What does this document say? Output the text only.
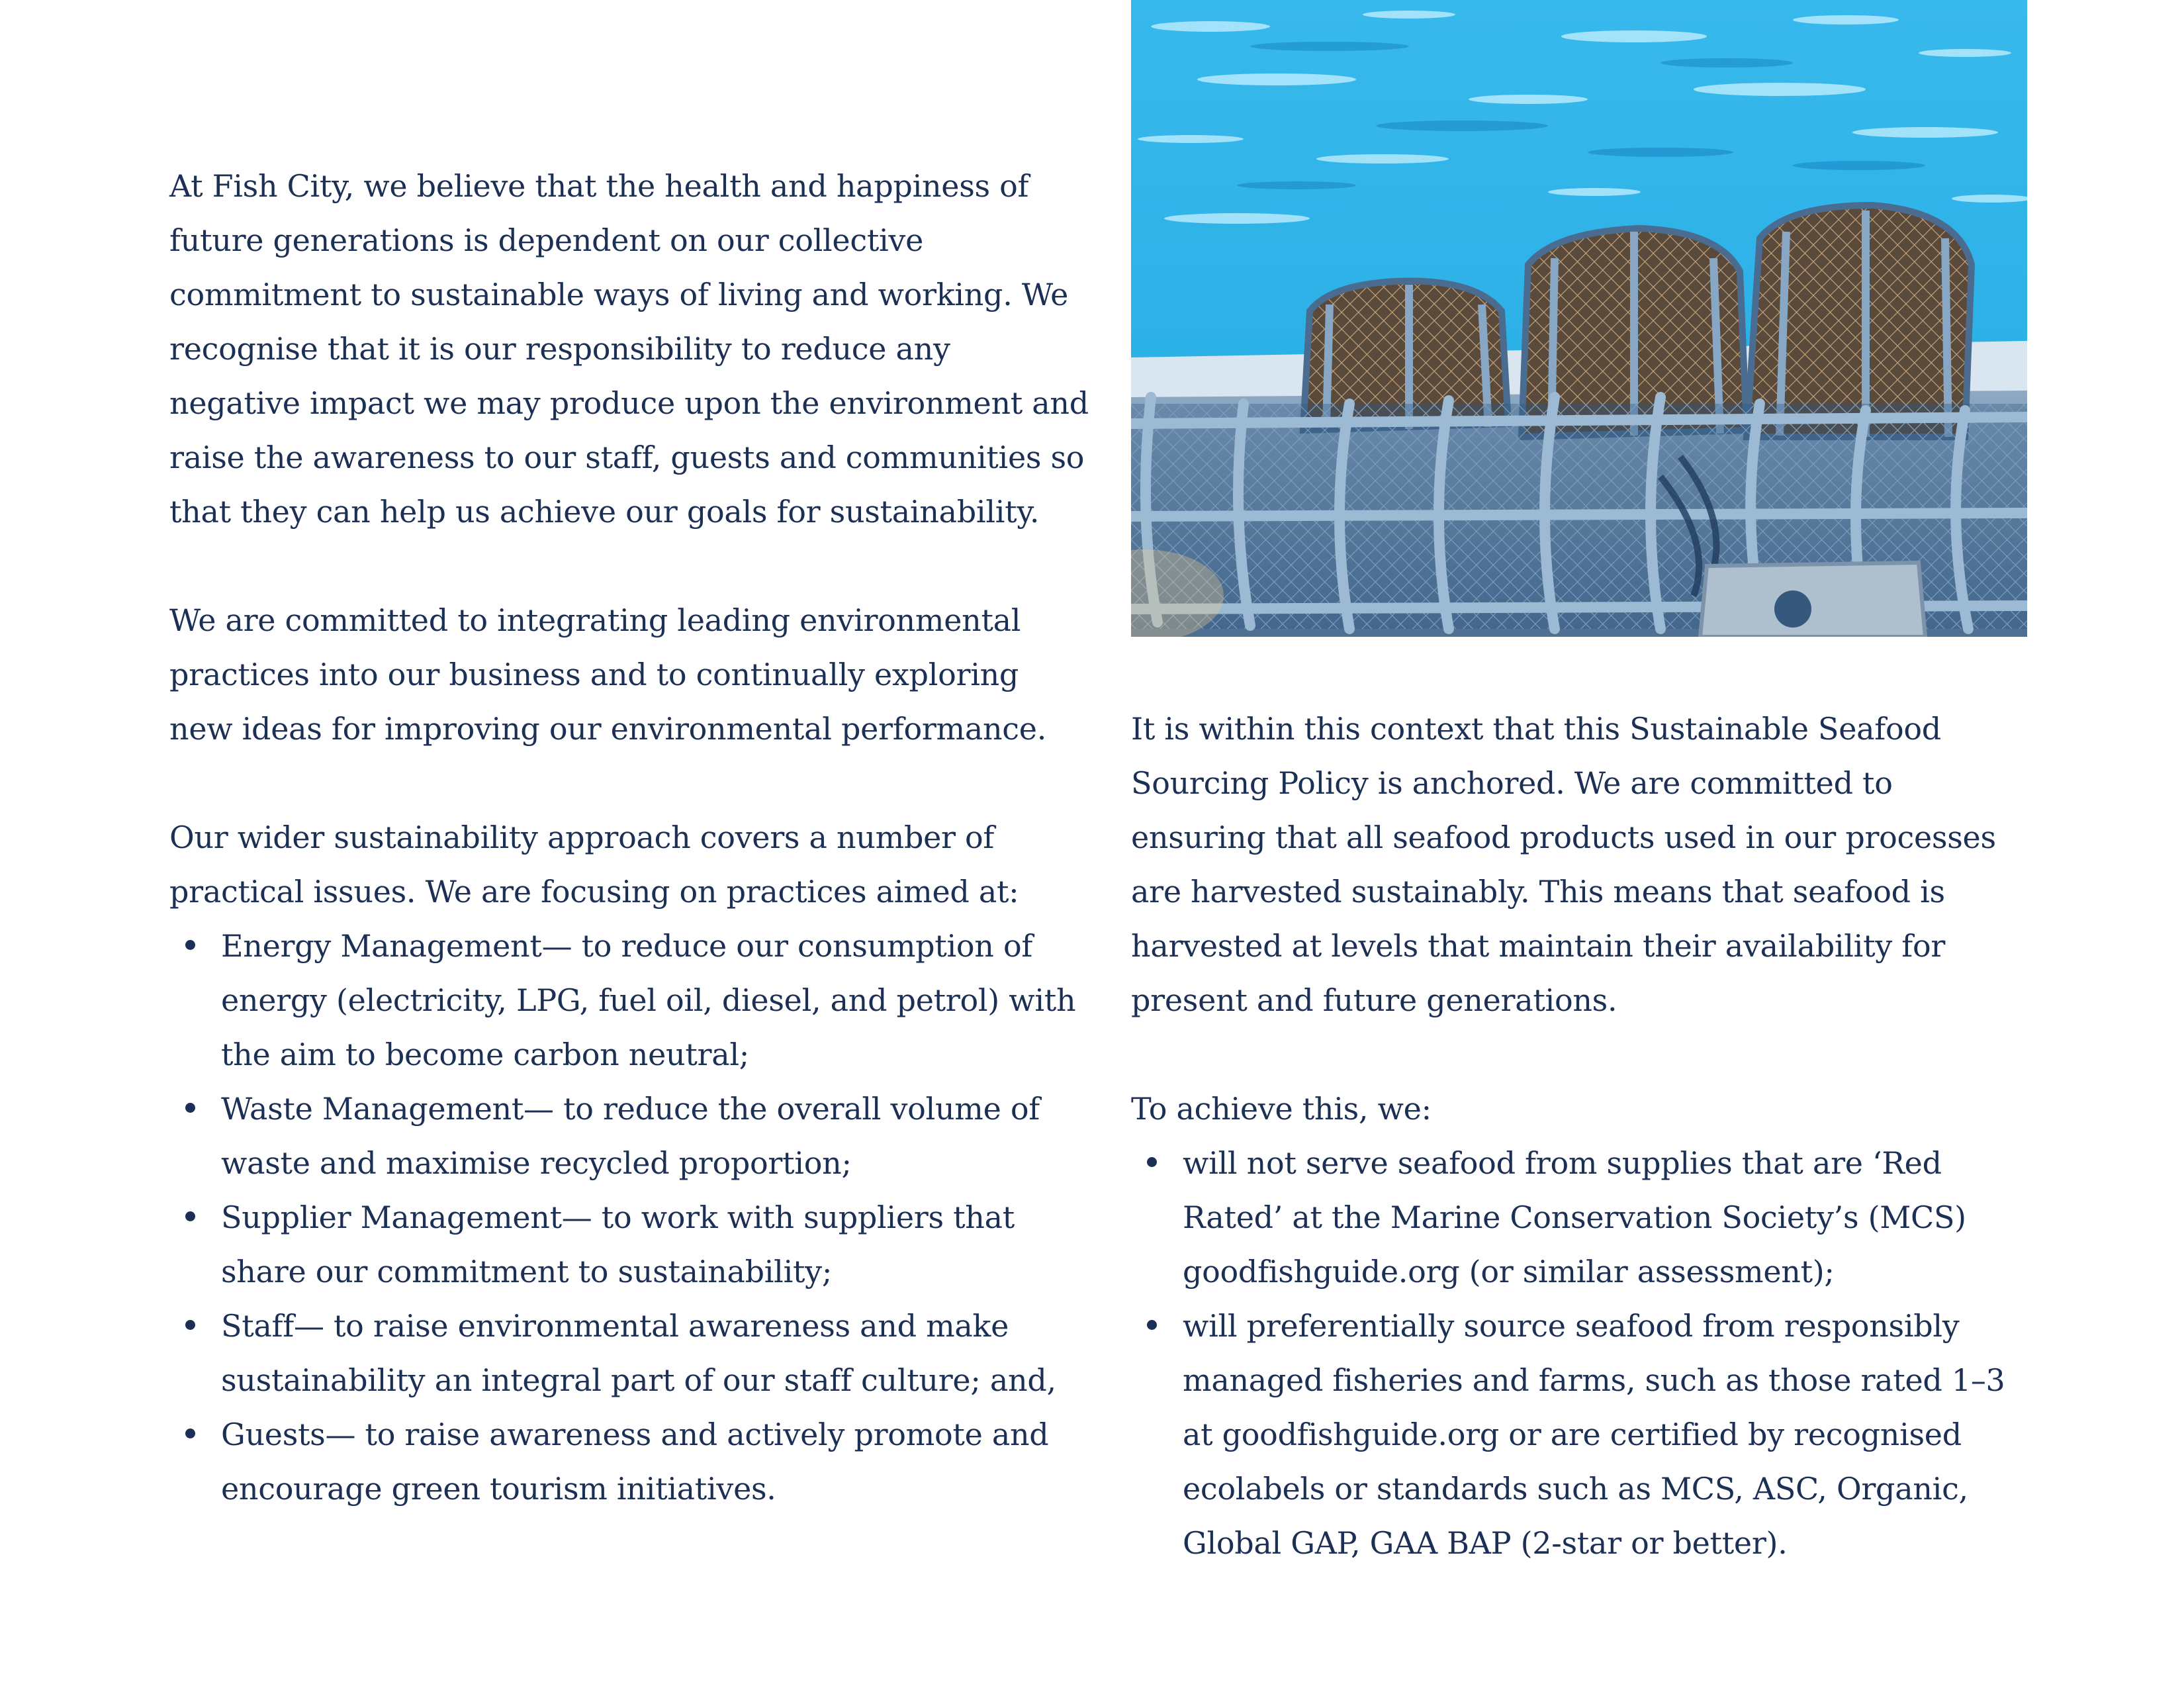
At Fish City, we believe that the health and happiness of future generations is dependent on our collective commitment to sustainable ways of living and working. We recognise that it is our responsibility to reduce any negative impact we may produce upon the environment and raise the awareness to our staff, guests and communities so that they can help us achieve our goals for sustainability.

We are committed to integrating leading environmental practices into our business and to continually exploring new ideas for improving our environmental performance.

Our wider sustainability approach covers a number of practical issues. We are focusing on practices aimed at:

Energy Management— to reduce our consumption of energy (electricity, LPG, fuel oil, diesel, and petrol) with the aim to become carbon neutral;
Waste Management— to reduce the overall volume of waste and maximise recycled proportion;
Supplier Management— to work with suppliers that share our commitment to sustainability;
Staff— to raise environmental awareness and make sustainability an integral part of our staff culture; and,
Guests— to raise awareness and actively promote and encourage green tourism initiatives.

It is within this context that this Sustainable Seafood Sourcing Policy is anchored. We are committed to ensuring that all seafood products used in our processes are harvested sustainably. This means that seafood is harvested at levels that maintain their availability for present and future generations.

To achieve this, we:

will not serve seafood from supplies that are ‘Red Rated’ at the Marine Conservation Society’s (MCS) goodfishguide.org (or similar assessment);
will preferentially source seafood from responsibly managed fisheries and farms, such as those rated 1–3 at goodfishguide.org or are certified by recognised ecolabels or standards such as MCS, ASC, Organic, Global GAP, GAA BAP (2-star or better).
